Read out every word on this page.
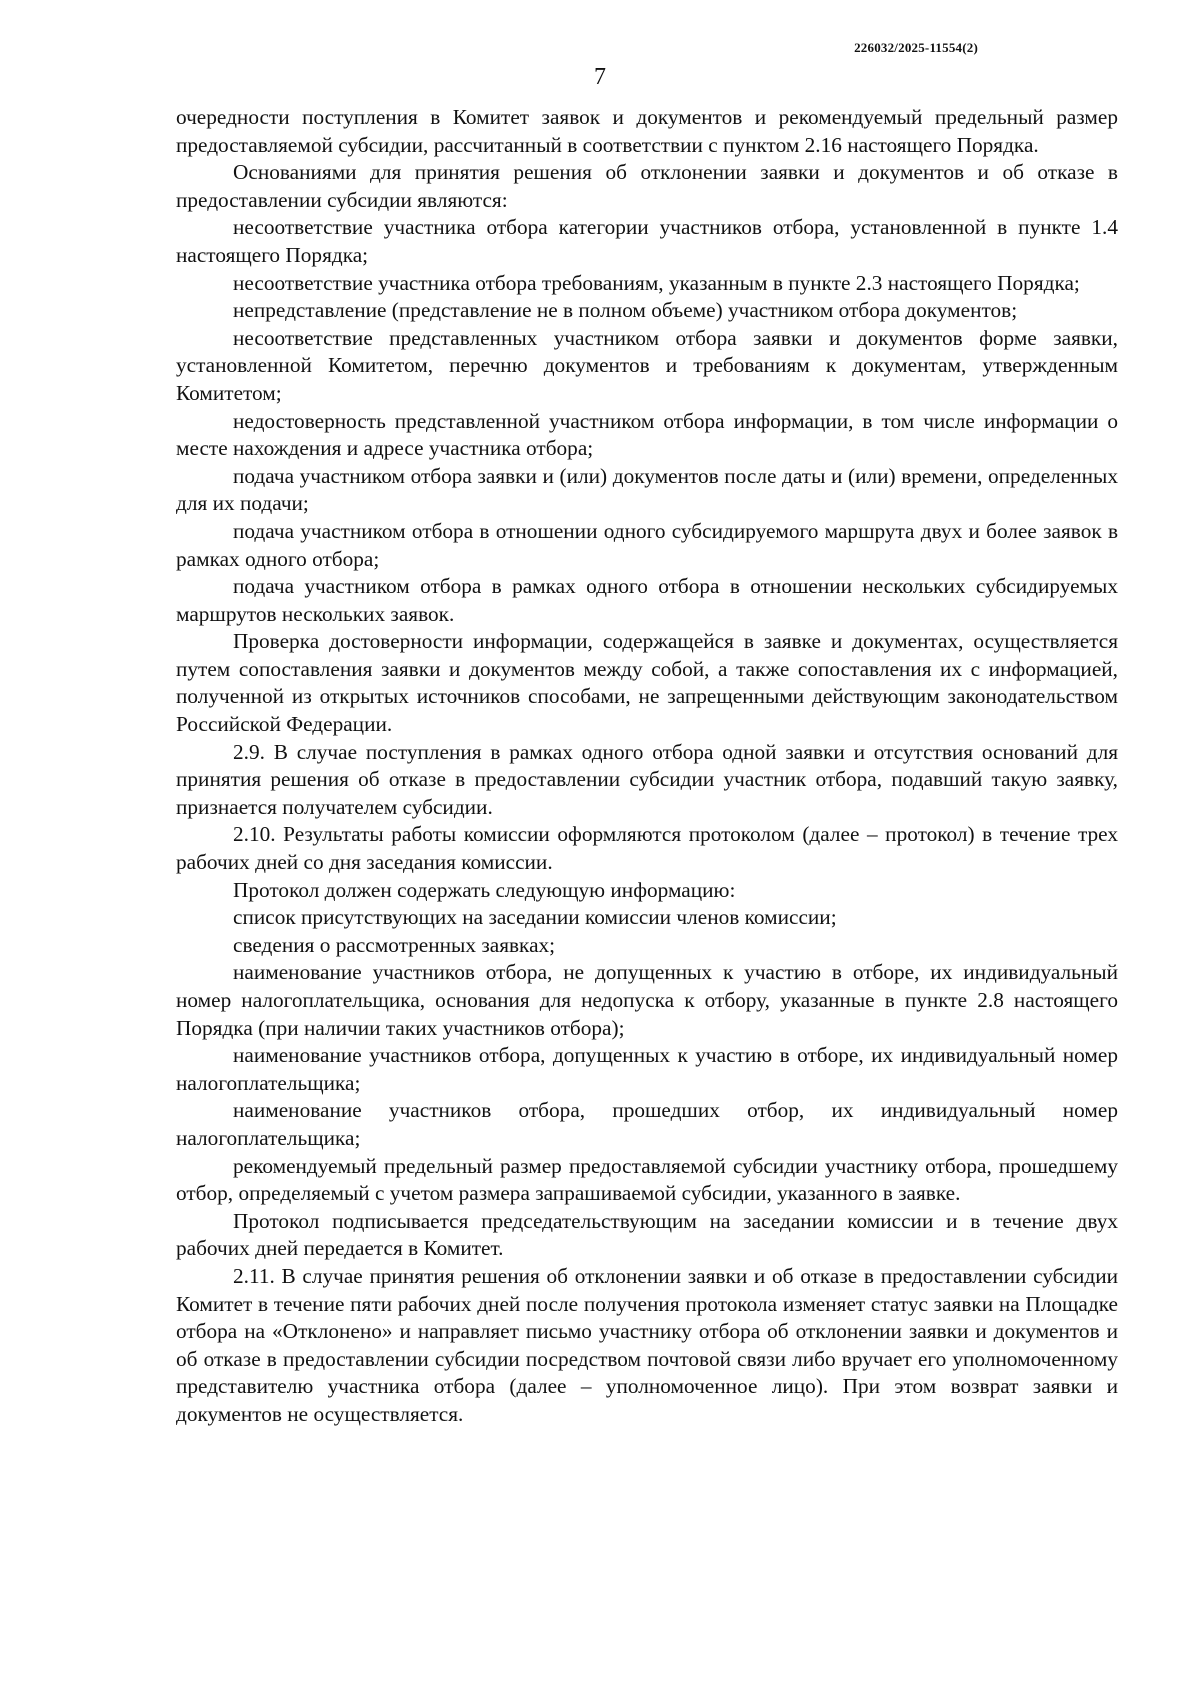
226032/2025-11554(2)
7

очередности поступления в Комитет заявок и документов и рекомендуемый предельный размер предоставляемой субсидии, рассчитанный в соответствии с пунктом 2.16 настоящего Порядка.

Основаниями для принятия решения об отклонении заявки и документов и об отказе в предоставлении субсидии являются:

несоответствие участника отбора категории участников отбора, установленной в пункте 1.4 настоящего Порядка;

несоответствие участника отбора требованиям, указанным в пункте 2.3 настоящего Порядка;

непредставление (представление не в полном объеме) участником отбора документов;

несоответствие представленных участником отбора заявки и документов форме заявки, установленной Комитетом, перечню документов и требованиям к документам, утвержденным Комитетом;

недостоверность представленной участником отбора информации, в том числе информации о месте нахождения и адресе участника отбора;

подача участником отбора заявки и (или) документов после даты и (или) времени, определенных для их подачи;

подача участником отбора в отношении одного субсидируемого маршрута двух и более заявок в рамках одного отбора;

подача участником отбора в рамках одного отбора в отношении нескольких субсидируемых маршрутов нескольких заявок.

Проверка достоверности информации, содержащейся в заявке и документах, осуществляется путем сопоставления заявки и документов между собой, а также сопоставления их с информацией, полученной из открытых источников способами, не запрещенными действующим законодательством Российской Федерации.

2.9. В случае поступления в рамках одного отбора одной заявки и отсутствия оснований для принятия решения об отказе в предоставлении субсидии участник отбора, подавший такую заявку, признается получателем субсидии.

2.10. Результаты работы комиссии оформляются протоколом (далее – протокол) в течение трех рабочих дней со дня заседания комиссии.

Протокол должен содержать следующую информацию:

список присутствующих на заседании комиссии членов комиссии;

сведения о рассмотренных заявках;

наименование участников отбора, не допущенных к участию в отборе, их индивидуальный номер налогоплательщика, основания для недопуска к отбору, указанные в пункте 2.8 настоящего Порядка (при наличии таких участников отбора);

наименование участников отбора, допущенных к участию в отборе, их индивидуальный номер налогоплательщика;

наименование участников отбора, прошедших отбор, их индивидуальный номер налогоплательщика;

рекомендуемый предельный размер предоставляемой субсидии участнику отбора, прошедшему отбор, определяемый с учетом размера запрашиваемой субсидии, указанного в заявке.

Протокол подписывается председательствующим на заседании комиссии и в течение двух рабочих дней передается в Комитет.

2.11. В случае принятия решения об отклонении заявки и об отказе в предоставлении субсидии Комитет в течение пяти рабочих дней после получения протокола изменяет статус заявки на Площадке отбора на «Отклонено» и направляет письмо участнику отбора об отклонении заявки и документов и об отказе в предоставлении субсидии посредством почтовой связи либо вручает его уполномоченному представителю участника отбора (далее – уполномоченное лицо). При этом возврат заявки и документов не осуществляется.
